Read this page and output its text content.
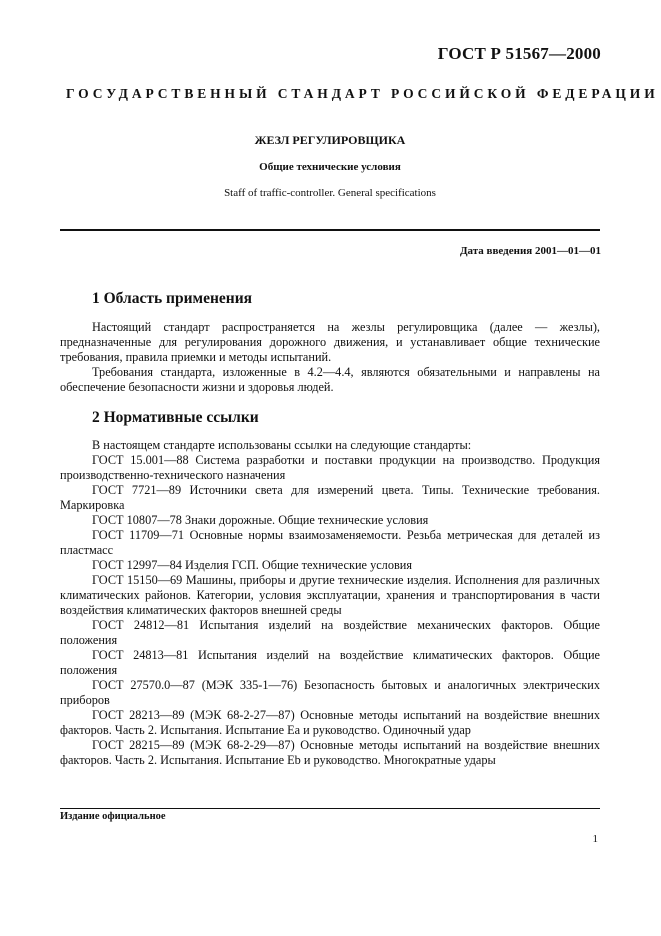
ГОСТ Р 51567—2000
ГОСУДАРСТВЕННЫЙ СТАНДАРТ РОССИЙСКОЙ ФЕДЕРАЦИИ
ЖЕЗЛ РЕГУЛИРОВЩИКА
Общие технические условия
Staff of traffic-controller. General specifications
Дата введения 2001—01—01
1 Область применения

Настоящий стандарт распространяется на жезлы регулировщика (далее — жезлы), предназначенные для регулирования дорожного движения, и устанавливает общие технические требования, правила приемки и методы испытаний.

Требования стандарта, изложенные в 4.2—4.4, являются обязательными и направлены на обеспечение безопасности жизни и здоровья людей.

2 Нормативные ссылки

В настоящем стандарте использованы ссылки на следующие стандарты:

ГОСТ 15.001—88 Система разработки и поставки продукции на производство. Продукция производственно-технического назначения

ГОСТ 7721—89 Источники света для измерений цвета. Типы. Технические требования. Маркировка

ГОСТ 10807—78 Знаки дорожные. Общие технические условия

ГОСТ 11709—71 Основные нормы взаимозаменяемости. Резьба метрическая для деталей из пластмасс

ГОСТ 12997—84 Изделия ГСП. Общие технические условия

ГОСТ 15150—69 Машины, приборы и другие технические изделия. Исполнения для различных климатических районов. Категории, условия эксплуатации, хранения и транспортирования в части воздействия климатических факторов внешней среды

ГОСТ 24812—81 Испытания изделий на воздействие механических факторов. Общие положения

ГОСТ 24813—81 Испытания изделий на воздействие климатических факторов. Общие положения

ГОСТ 27570.0—87 (МЭК 335-1—76) Безопасность бытовых и аналогичных электрических приборов

ГОСТ 28213—89 (МЭК 68-2-27—87) Основные методы испытаний на воздействие внешних факторов. Часть 2. Испытания. Испытание Еа и руководство. Одиночный удар

ГОСТ 28215—89 (МЭК 68-2-29—87) Основные методы испытаний на воздействие внешних факторов. Часть 2. Испытания. Испытание Eb и руководство. Многократные удары

Издание официальное
1
